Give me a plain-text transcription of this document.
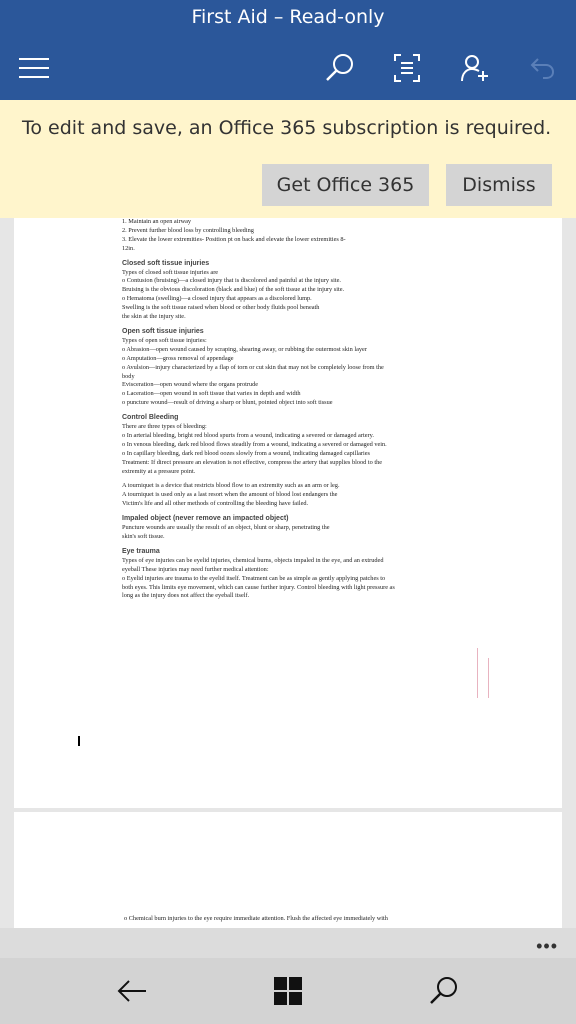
First Aid – Read-only
To edit and save, an Office 365 subscription is required.
Get Office 365	Dismiss
1. Maintain an open airway
2. Prevent further blood loss by controlling bleeding
3. Elevate the lower extremities- Position pt on back and elevate the lower extremities 8-
12in.
Closed soft tissue injuries
Types of closed soft tissue injuries are
o Contusion (bruising)—a closed injury that is discolored and painful at the injury site.
Bruising is the obvious discoloration (black and blue) of the soft tissue at the injury site.
o Hematoma (swelling)—a closed injury that appears as a discolored lump.
Swelling is the soft tissue raised when blood or other body fluids pool beneath
the skin at the injury site.
Open soft tissue injuries
Types of open soft tissue injuries:
o Abrasion—open wound caused by scraping, shearing away, or rubbing the outermost skin layer
o Amputation—gross removal of appendage
o Avulsion—injury characterized by a flap of torn or cut skin that may not be completely loose from the
body
Evisceration—open wound where the organs protrude
o Laceration—open wound in soft tissue that varies in depth and width
o puncture wound—result of driving a sharp or blunt, pointed object into soft tissue
Control Bleeding
There are three types of bleeding:
o In arterial bleeding, bright red blood spurts from a wound, indicating a severed or damaged artery.
o In venous bleeding, dark red blood flows steadily from a wound, indicating a severed or damaged vein.
o In capillary bleeding, dark red blood oozes slowly from a wound, indicating damaged capillaries
Treatment: If direct pressure an elevation is not effective, compress the artery that supplies blood to the
extremity at a pressure point.
A tourniquet is a device that restricts blood flow to an extremity such as an arm or leg.
A tourniquet is used only as a last resort when the amount of blood lost endangers the
Victim's life and all other methods of controlling the bleeding have failed.
Impaled object (never remove an impacted object)
Puncture wounds are usually the result of an object, blunt or sharp, penetrating the
skin's soft tissue.
Eye trauma
Types of eye injuries can be eyelid injuries, chemical burns, objects impaled in the eye, and an extruded
eyeball These injuries may need further medical attention:
o Eyelid injuries are trauma to the eyelid itself. Treatment can be as simple as gently applying patches to
both eyes. This limits eye movement, which can cause further injury. Control bleeding with light pressure as
long as the injury does not affect the eyeball itself.
o Chemical burn injuries to the eye require immediate attention. Flush the affected eye immediately with
•••
